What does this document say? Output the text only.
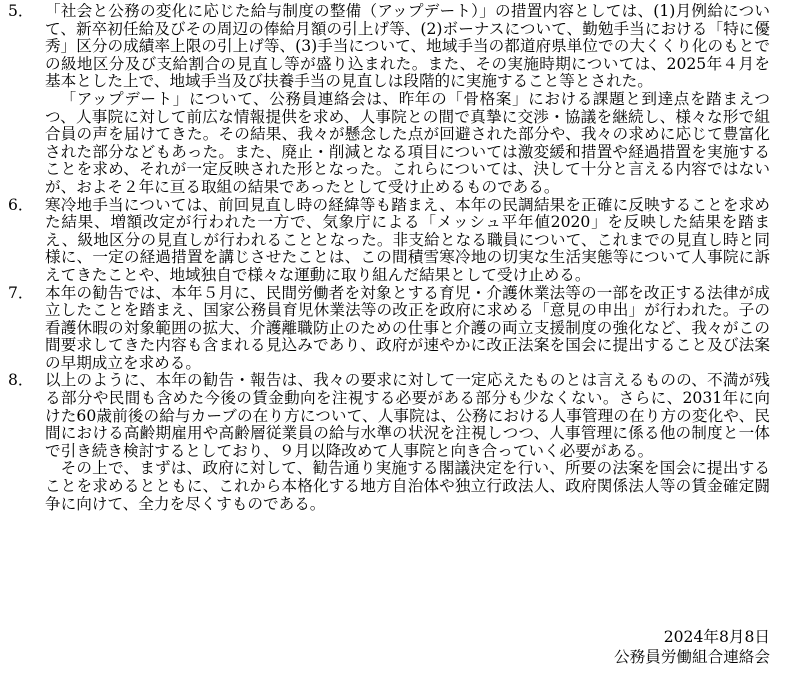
5． 「社会と公務の変化に応じた給与制度の整備（アップデート）」の措置内容としては、(1)月例給について、新卒初任給及びその周辺の俸給月額の引上げ等、(2)ボーナスについて、勤勉手当における「特に優秀」区分の成績率上限の引上げ等、(3)手当について、地域手当の都道府県単位での大くくり化のもとでの級地区分及び支給割合の見直し等が盛り込まれた。また、その実施時期については、2025年４月を基本とした上で、地域手当及び扶養手当の見直しは段階的に実施すること等とされた。

「アップデート」について、公務員連絡会は、昨年の「骨格案」における課題と到達点を踏まえつつ、人事院に対して前広な情報提供を求め、人事院との間で真摯に交渉・協議を継続し、様々な形で組合員の声を届けてきた。その結果、我々が懸念した点が回避された部分や、我々の求めに応じて豊富化された部分などもあった。また、廃止・削減となる項目については激変緩和措置や経過措置を実施することを求め、それが一定反映された形となった。これらについては、決して十分と言える内容ではないが、およそ２年に亘る取組の結果であったとして受け止めるものである。

6． 寒冷地手当については、前回見直し時の経緯等も踏まえ、本年の民調結果を正確に反映することを求めた結果、増額改定が行われた一方で、気象庁による「メッシュ平年値2020」を反映した結果を踏まえ、級地区分の見直しが行われることとなった。非支給となる職員について、これまでの見直し時と同様に、一定の経過措置を講じさせたことは、この間積雪寒冷地の切実な生活実態等について人事院に訴えてきたことや、地域独自で様々な運動に取り組んだ結果として受け止める。

7． 本年の勧告では、本年５月に、民間労働者を対象とする育児・介護休業法等の一部を改正する法律が成立したことを踏まえ、国家公務員育児休業法等の改正を政府に求める「意見の申出」が行われた。子の看護休暇の対象範囲の拡大、介護離職防止のための仕事と介護の両立支援制度の強化など、我々がこの間要求してきた内容も含まれる見込みであり、政府が速やかに改正法案を国会に提出すること及び法案の早期成立を求める。

8． 以上のように、本年の勧告・報告は、我々の要求に対して一定応えたものとは言えるものの、不満が残る部分や民間も含めた今後の賃金動向を注視する必要がある部分も少なくない。さらに、2031年に向けた60歳前後の給与カーブの在り方について、人事院は、公務における人事管理の在り方の変化や、民間における高齢期雇用や高齢層従業員の給与水準の状況を注視しつつ、人事管理に係る他の制度と一体で引き続き検討するとしており、９月以降改めて人事院と向き合っていく必要がある。

その上で、まずは、政府に対して、勧告通り実施する閣議決定を行い、所要の法案を国会に提出することを求めるとともに、これから本格化する地方自治体や独立行政法人、政府関係法人等の賃金確定闘争に向けて、全力を尽くすものである。

2024年8月8日
公務員労働組合連絡会
